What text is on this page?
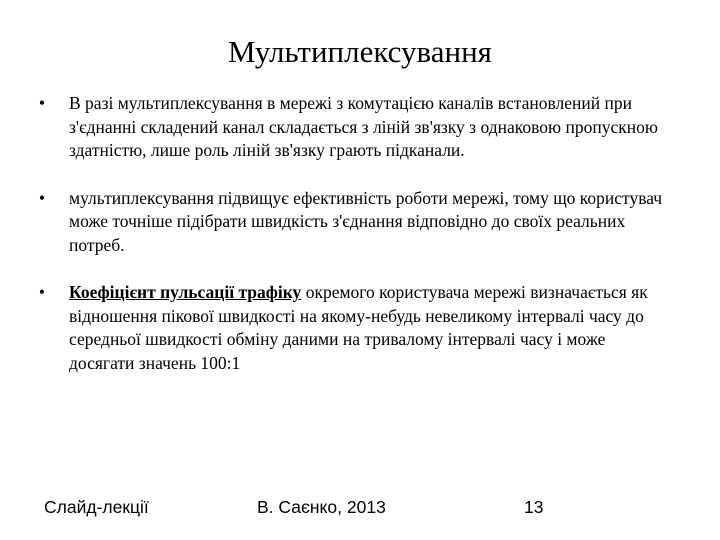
Мультиплексування
•	В разі мультиплексування в мережі з комутацією каналів встановлений при з'єднанні складений канал складається з ліній зв'язку з однаковою пропускною здатністю, лише роль ліній зв'язку грають підканали.
•	мультиплексування підвищує ефективність роботи мережі, тому що користувач може точніше підібрати швидкість з'єднання відповідно до своїх реальних потреб.
•	Коефіцієнт пульсації трафіку окремого користувача мережі визначається як відношення пікової швидкості на якому-небудь невеликому інтервалі часу до середньої швидкості обміну даними на тривалому інтервалі часу і може досягати значень 100:1
Слайд-лекції	В. Саєнко, 2013	13
